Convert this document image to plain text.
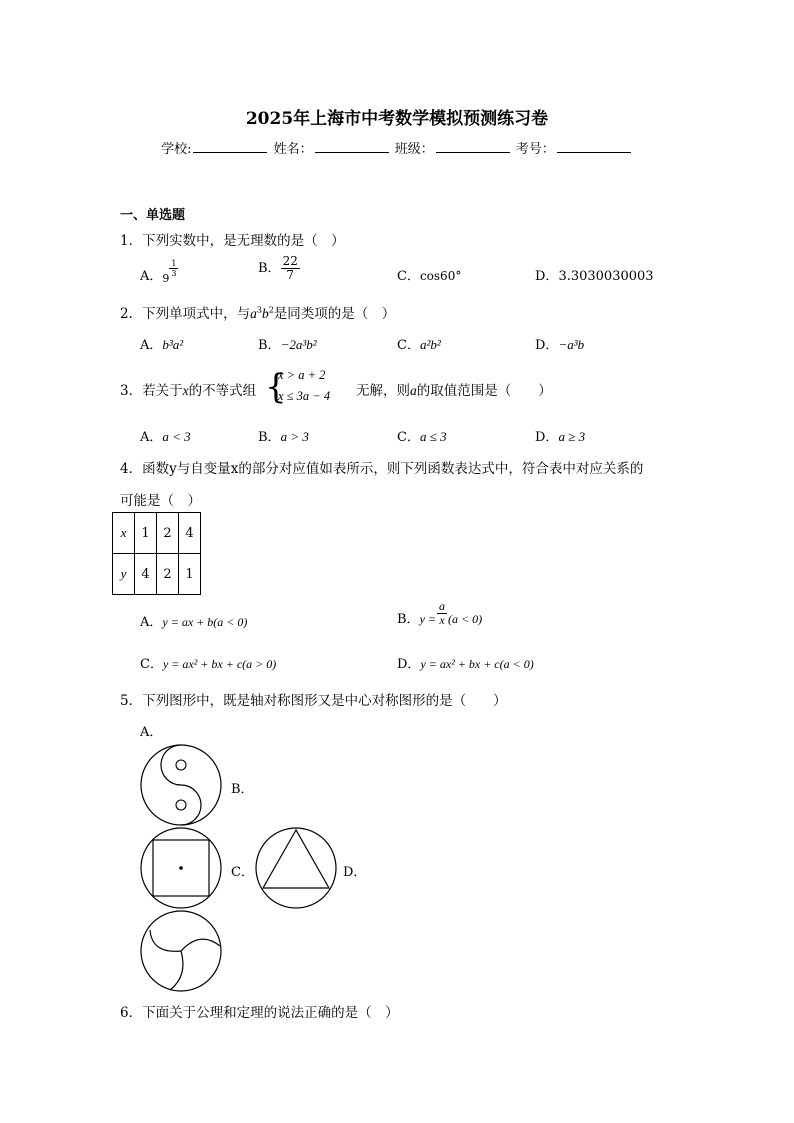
2025年上海市中考数学模拟预测练习卷
学校:	姓名：	班级：	考号：
一、单选题
1．下列实数中，是无理数的是（　）
A．9
$\frac{1}{3}$	B． $\frac{22}{7}$	C．cos60°	D．3.3030030003
2．下列单项式中，与$a^3b^2$是同类项的是（　）
A．b³a²	B．−2a³b²	C．a²b²	D．−a³b
3．若关于x的不等式组 {
x > a + 2
x ≤ 3a − 4 无解，则a的取值范围是（　　）
A．a < 3	B．a > 3	C．a ≤ 3	D．a ≥ 3
4．函数y与自变量x的部分对应值如表所示，则下列函数表达式中，符合表中对应关系的
可能是（　）
x	1	2	4
y	4	2	1
A．y = ax + b(a < 0)	B．$y = \frac{a}{x} (a < 0)$
C．y = ax² + bx + c(a > 0)	D．y = ax² + bx + c(a < 0)
5．下列图形中，既是轴对称图形又是中心对称图形的是（　　）
A．
B．
C．	D．
6．下面关于公理和定理的说法正确的是（　）
